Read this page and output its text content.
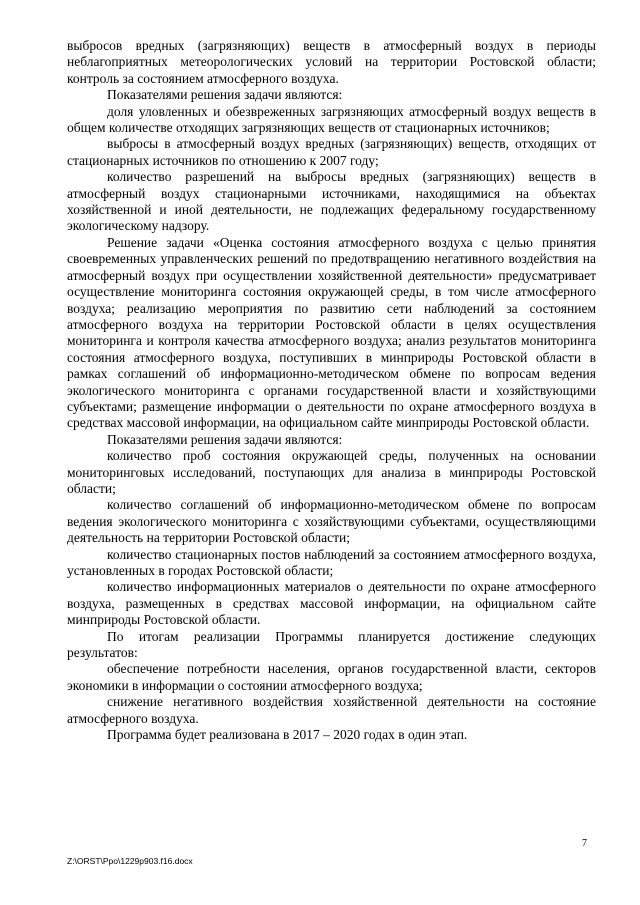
выбросов вредных (загрязняющих) веществ в атмосферный воздух в периоды неблагоприятных метеорологических условий на территории Ростовской области; контроль за состоянием атмосферного воздуха.

Показателями решения задачи являются:

доля уловленных и обезвреженных загрязняющих атмосферный воздух веществ в общем количестве отходящих загрязняющих веществ от стационарных источников;

выбросы в атмосферный воздух вредных (загрязняющих) веществ, отходящих от стационарных источников по отношению к 2007 году;

количество разрешений на выбросы вредных (загрязняющих) веществ в атмосферный воздух стационарными источниками, находящимися на объектах хозяйственной и иной деятельности, не подлежащих федеральному государственному экологическому надзору.

Решение задачи «Оценка состояния атмосферного воздуха с целью принятия своевременных управленческих решений по предотвращению негативного воздействия на атмосферный воздух при осуществлении хозяйственной деятельности» предусматривает осуществление мониторинга состояния окружающей среды, в том числе атмосферного воздуха; реализацию мероприятия по развитию сети наблюдений за состоянием атмосферного воздуха на территории Ростовской области в целях осуществления мониторинга и контроля качества атмосферного воздуха; анализ результатов мониторинга состояния атмосферного воздуха, поступивших в минприроды Ростовской области в рамках соглашений об информационно-методическом обмене по вопросам ведения экологического мониторинга с органами государственной власти и хозяйствующими субъектами; размещение информации о деятельности по охране атмосферного воздуха в средствах массовой информации, на официальном сайте минприроды Ростовской области.

Показателями решения задачи являются:

количество проб состояния окружающей среды, полученных на основании мониторинговых исследований, поступающих для анализа в минприроды Ростовской области;

количество соглашений об информационно-методическом обмене по вопросам ведения экологического мониторинга с хозяйствующими субъектами, осуществляющими деятельность на территории Ростовской области;

количество стационарных постов наблюдений за состоянием атмосферного воздуха, установленных в городах Ростовской области;

количество информационных материалов о деятельности по охране атмосферного воздуха, размещенных в средствах массовой информации, на официальном сайте минприроды Ростовской области.

По итогам реализации Программы планируется достижение следующих результатов:

обеспечение потребности населения, органов государственной власти, секторов экономики в информации о состоянии атмосферного воздуха;

снижение негативного воздействия хозяйственной деятельности на состояние атмосферного воздуха.

Программа будет реализована в 2017 – 2020 годах в один этап.

7
Z:\ORST\Ppo\1229p903.f16.docx
